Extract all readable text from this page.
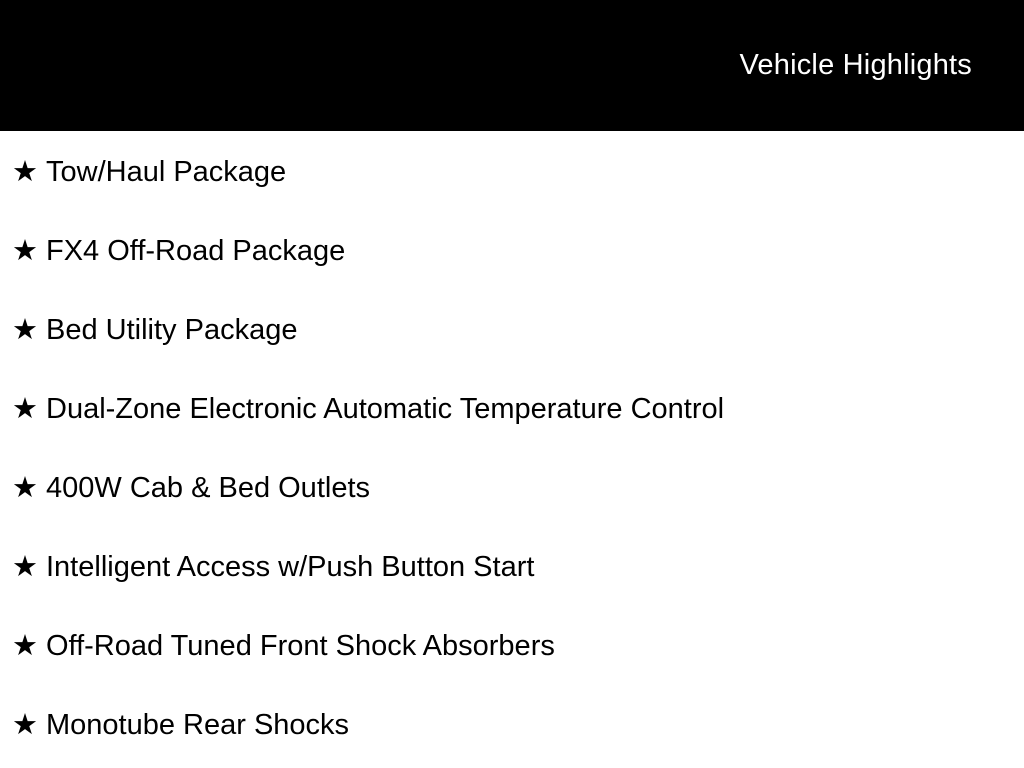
Vehicle Highlights
★ Tow/Haul Package
★ FX4 Off-Road Package
★ Bed Utility Package
★ Dual-Zone Electronic Automatic Temperature Control
★ 400W Cab & Bed Outlets
★ Intelligent Access w/Push Button Start
★ Off-Road Tuned Front Shock Absorbers
★ Monotube Rear Shocks
